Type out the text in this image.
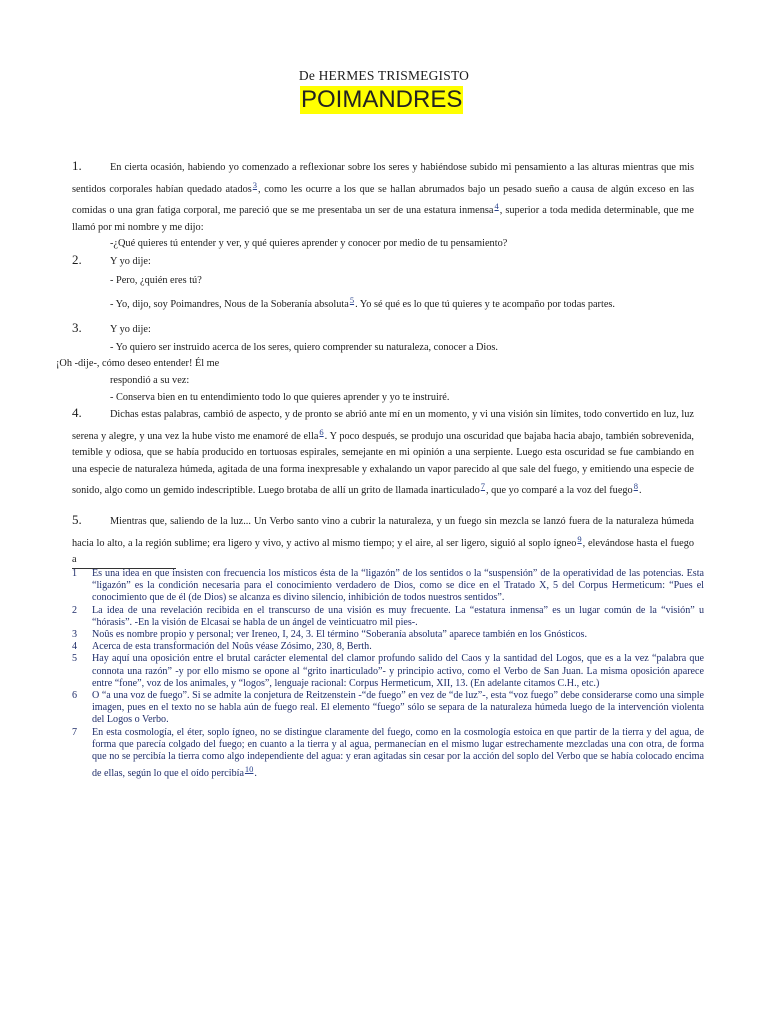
De HERMES TRISMEGISTO
POIMANDRES
1.	En cierta ocasión, habiendo yo comenzado a reflexionar sobre los seres y habiéndose subido mi pensamiento a las alturas mientras que mis sentidos corporales habían quedado atados$^3$, como les ocurre a los que se hallan abrumados bajo un pesado sueño a causa de algún exceso en las comidas o una gran fatiga corporal, me pareció que se me presentaba un ser de una estatura inmensa$^4$, superior a toda medida determinable, que me llamó por mi nombre y me dijo:
-¿Qué quieres tú entender y ver, y qué quieres aprender y conocer por medio de tu pensamiento?
2.	Y yo dije:
- Pero, ¿quién eres tú?
- Yo, dijo, soy Poimandres, Nous de la Soberanía absoluta$^5$. Yo sé qué es lo que tú quieres y te acompaño por todas partes.
3.	Y yo dije:
- Yo quiero ser instruido acerca de los seres, quiero comprender su naturaleza, conocer a Dios.
¡Oh -dije-, cómo deseo entender! Él me
respondió a su vez:
- Conserva bien en tu entendimiento todo lo que quieres aprender y yo te instruiré.
4.	Dichas estas palabras, cambió de aspecto, y de pronto se abrió ante mí en un momento, y vi una visión sin límites, todo convertido en luz, luz serena y alegre, y una vez la hube visto me enamoré de ella$^6$. Y poco después, se produjo una oscuridad que bajaba hacia abajo, también sobrevenida, temible y odiosa, que se había producido en tortuosas espirales, semejante en mi opinión a una serpiente. Luego esta oscuridad se fue cambiando en una especie de naturaleza húmeda, agitada de una forma inexpresable y exhalando un vapor parecido al que sale del fuego, y emitiendo una especie de sonido, algo como un gemido indescriptible. Luego brotaba de allí un grito de llamada inarticulado$^7$, que yo comparé a la voz del fuego$^8$.
5.	Mientras que, saliendo de la luz... Un Verbo santo vino a cubrir la naturaleza, y un fuego sin mezcla se lanzó fuera de la naturaleza húmeda hacia lo alto, a la región sublime; era ligero y vivo, y activo al mismo tiempo; y el aire, al ser ligero, siguió al soplo ígneo$^9$, elevándose hasta el fuego a
1	Es una idea en que insisten con frecuencia los místicos ésta de la “ligazón” de los sentidos o la “suspensión” de la operatividad de las potencias. Esta “ligazón” es la condición necesaria para el conocimiento verdadero de Dios, como se dice en el Tratado X, 5 del Corpus Hermeticum: “Pues el conocimiento que de él (de Dios) se alcanza es divino silencio, inhibición de todos nuestros sentidos”.
2	La idea de una revelación recibida en el transcurso de una visión es muy frecuente. La “estatura inmensa” es un lugar común de la “visión” u “hórasis”. -En la visión de Elcasai se habla de un ángel de veinticuatro mil pies-.
3	Noûs es nombre propio y personal; ver Ireneo, I, 24, 3. El término “Soberanía absoluta” aparece también en los Gnósticos.
4	Acerca de esta transformación del Noûs véase Zósimo, 230, 8, Berth.
5	Hay aquí una oposición entre el brutal carácter elemental del clamor profundo salido del Caos y la santidad del Logos, que es a la vez “palabra que connota una razón” -y por ello mismo se opone al “grito inarticulado”- y principio activo, como el Verbo de San Juan. La misma oposición aparece entre “fone”, voz de los animales, y “logos”, lenguaje racional: Corpus Hermeticum, XII, 13. (En adelante citamos C.H., etc.)
6	O “a una voz de fuego”. Si se admite la conjetura de Reitzenstein -“de fuego” en vez de “de luz”-, esta “voz fuego” debe considerarse como una simple imagen, pues en el texto no se habla aún de fuego real. El elemento “fuego” sólo se separa de la naturaleza húmeda luego de la intervención violenta del Logos o Verbo.
7	En esta cosmología, el éter, soplo ígneo, no se distingue claramente del fuego, como en la cosmología estoica en que partir de la tierra y del agua, de forma que parecía colgado del fuego; en cuanto a la tierra y al agua, permanecían en el mismo lugar estrechamente mezcladas una con otra, de forma que no se percibía la tierra como algo independiente del agua: y eran agitadas sin cesar por la acción del soplo del Verbo que se había colocado encima de ellas, según lo que el oído percibía$^{10}$.
